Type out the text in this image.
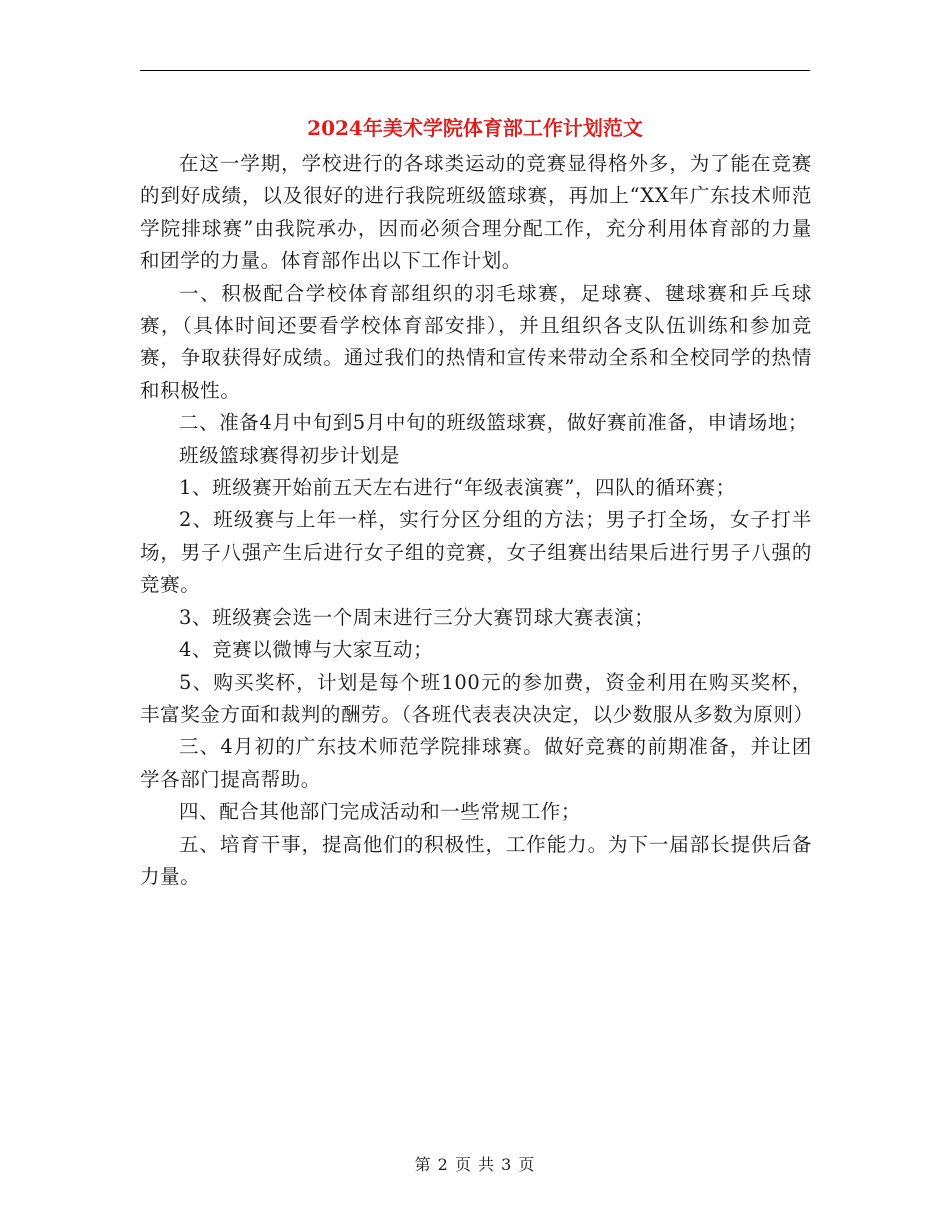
2024年美术学院体育部工作计划范文

在这一学期，学校进行的各球类运动的竞赛显得格外多，为了能在竞赛的到好成绩，以及很好的进行我院班级篮球赛，再加上“XX年广东技术师范学院排球赛”由我院承办，因而必须合理分配工作，充分利用体育部的力量和团学的力量。体育部作出以下工作计划。

一、积极配合学校体育部组织的羽毛球赛，足球赛、毽球赛和乒乓球赛，（具体时间还要看学校体育部安排），并且组织各支队伍训练和参加竞赛，争取获得好成绩。通过我们的热情和宣传来带动全系和全校同学的热情和积极性。

二、准备4月中旬到5月中旬的班级篮球赛，做好赛前准备，申请场地；

班级篮球赛得初步计划是

1、班级赛开始前五天左右进行“年级表演赛”，四队的循环赛；

2、班级赛与上年一样，实行分区分组的方法；男子打全场，女子打半场，男子八强产生后进行女子组的竞赛，女子组赛出结果后进行男子八强的竞赛。

3、班级赛会选一个周末进行三分大赛罚球大赛表演；

4、竞赛以微博与大家互动；

5、购买奖杯，计划是每个班100元的参加费，资金利用在购买奖杯，丰富奖金方面和裁判的酬劳。（各班代表表决决定，以少数服从多数为原则）

三、4月初的广东技术师范学院排球赛。做好竞赛的前期准备，并让团学各部门提高帮助。

四、配合其他部门完成活动和一些常规工作；

五、培育干事，提高他们的积极性，工作能力。为下一届部长提供后备力量。

第 2 页 共 3 页
